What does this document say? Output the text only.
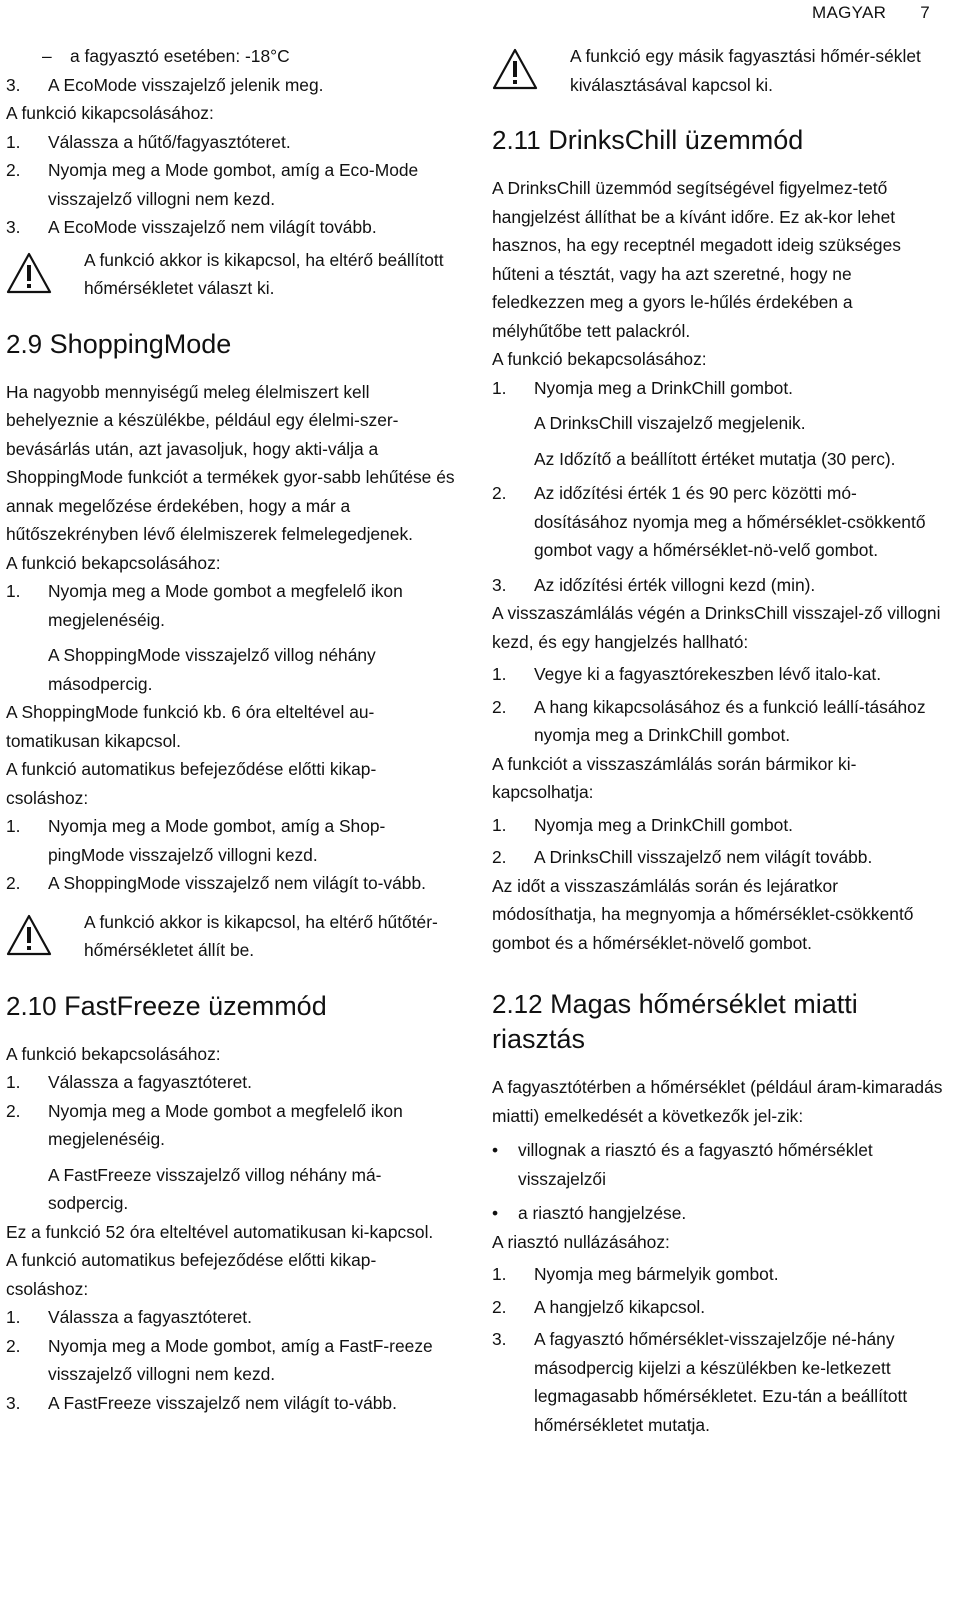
MAGYAR 7
–	a fagyasztó esetében: -18°C
3.	A EcoMode visszajelző jelenik meg.

A funkció kikapcsolásához:

1.	Válassza a hűtő/fagyasztóteret.
2.	Nyomja meg a Mode gombot, amíg a Eco-Mode visszajelző villogni nem kezd.
3.	A EcoMode visszajelző nem világít tovább.
A funkció akkor is kikapcsol, ha eltérő beállított hőmérsékletet választ ki.
2.9 ShoppingMode

Ha nagyobb mennyiségű meleg élelmiszert kell behelyeznie a készülékbe, például egy élelmi-szer-bevásárlás után, azt javasoljuk, hogy akti-válja a ShoppingMode funkciót a termékek gyor-sabb lehűtése és annak megelőzése érdekében, hogy a már a hűtőszekrényben lévő élelmiszerek felmelegedjenek.

A funkció bekapcsolásához:

1.	Nyomja meg a Mode gombot a megfelelő ikon megjelenéséig.

A ShoppingMode visszajelző villog néhány másodpercig.

A ShoppingMode funkció kb. 6 óra elteltével au-tomatikusan kikapcsol.

A funkció automatikus befejeződése előtti kikap-csoláshoz:

1.	Nyomja meg a Mode gombot, amíg a Shop-pingMode visszajelző villogni kezd.
2.	A ShoppingMode visszajelző nem világít to-vább.
A funkció akkor is kikapcsol, ha eltérő hűtőtér-hőmérsékletet állít be.
2.10 FastFreeze üzemmód

A funkció bekapcsolásához:

1.	Válassza a fagyasztóteret.
2.	Nyomja meg a Mode gombot a megfelelő ikon megjelenéséig.

A FastFreeze visszajelző villog néhány má-sodpercig.

Ez a funkció 52 óra elteltével automatikusan ki-kapcsol.

A funkció automatikus befejeződése előtti kikap-csoláshoz:

1.	Válassza a fagyasztóteret.
2.	Nyomja meg a Mode gombot, amíg a FastF-reeze visszajelző villogni nem kezd.
3.	A FastFreeze visszajelző nem világít to-vább.
A funkció egy másik fagyasztási hőmér-séklet kiválasztásával kapcsol ki.
2.11 DrinksChill üzemmód

A DrinksChill üzemmód segítségével figyelmez-tető hangjelzést állíthat be a kívánt időre. Ez ak-kor lehet hasznos, ha egy receptnél megadott ideig szükséges hűteni a tésztát, vagy ha azt szeretné, hogy ne feledkezzen meg a gyors le-hűlés érdekében a mélyhűtőbe tett palackról.

A funkció bekapcsolásához:

1.	Nyomja meg a DrinkChill gombot.

A DrinksChill viszajelző megjelenik.

Az Időzítő a beállított értéket mutatja (30 perc).

2.	Az időzítési érték 1 és 90 perc közötti mó-dosításához nyomja meg a hőmérséklet-csökkentő gombot vagy a hőmérséklet-nö-velő gombot.
3.	Az időzítési érték villogni kezd (min).

A visszaszámlálás végén a DrinksChill visszajel-ző villogni kezd, és egy hangjelzés hallható:

1.	Vegye ki a fagyasztórekeszben lévő italo-kat.
2.	A hang kikapcsolásához és a funkció leállí-tásához nyomja meg a DrinkChill gombot.

A funkciót a visszaszámlálás során bármikor ki-kapcsolhatja:

1.	Nyomja meg a DrinkChill gombot.
2.	A DrinksChill visszajelző nem világít tovább.

Az időt a visszaszámlálás során és lejáratkor módosíthatja, ha megnyomja a hőmérséklet-csökkentő gombot és a hőmérséklet-növelő gombot.

2.12 Magas hőmérséklet miatti riasztás

A fagyasztótérben a hőmérséklet (például áram-kimaradás miatti) emelkedését a következők jel-zik:

•	villognak a riasztó és a fagyasztó hőmérséklet visszajelzői
•	a riasztó hangjelzése.

A riasztó nullázásához:

1.	Nyomja meg bármelyik gombot.
2.	A hangjelző kikapcsol.
3.	A fagyasztó hőmérséklet-visszajelzője né-hány másodpercig kijelzi a készülékben ke-letkezett legmagasabb hőmérsékletet. Ezu-tán a beállított hőmérsékletet mutatja.
